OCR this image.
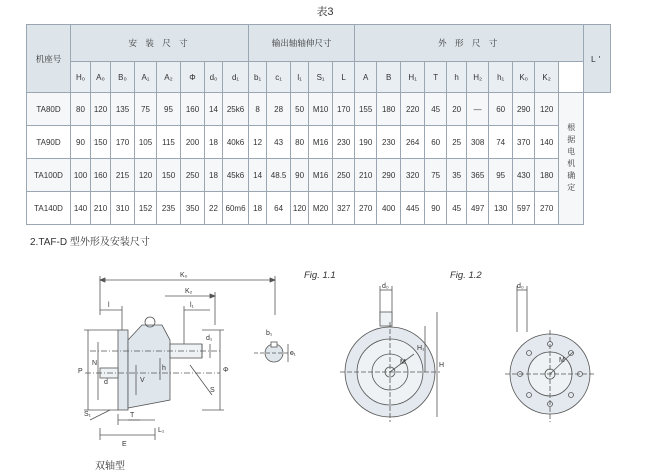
表3
机座号	安 装 尺 寸								输出轴轴伸尺寸					外 形 尺 寸										L'
	H₀	A₀	B₀	A₁	A₂	Φ	d₀	d₁	b₁	c₁	l₁	S₁	L	A	B	H₁	T	h	H₂	h₁	K₀	K₂		
TA80D	80	120	135	75	95	160	14	25k6	8	28	50	M10	170	155	180	220	45	20	—	60	290	120	根据电机确定	
TA90D	90	150	170	105	115	200	18	40k6	12	43	80	M16	230	190	230	264	60	25	308	74	370	140		
TA100D	100	160	215	120	150	250	18	45k6	14	48.5	90	M16	250	210	290	320	75	35	365	95	430	180		
TA140D	140	210	310	152	235	350	22	60m6	18	64	120	M20	327	270	400	445	90	45	497	130	597	270		
2.TAF-D 型外形及安装尺寸
Fig. 1.1	Fig. 1.2
K₀
K₂
l	l₁
P
N
d	V
h
d₁
Φ
S
S₁	T
E
L₁
b₁
c₁
d₀
H₁
H
M
d₀
M
双轴型
